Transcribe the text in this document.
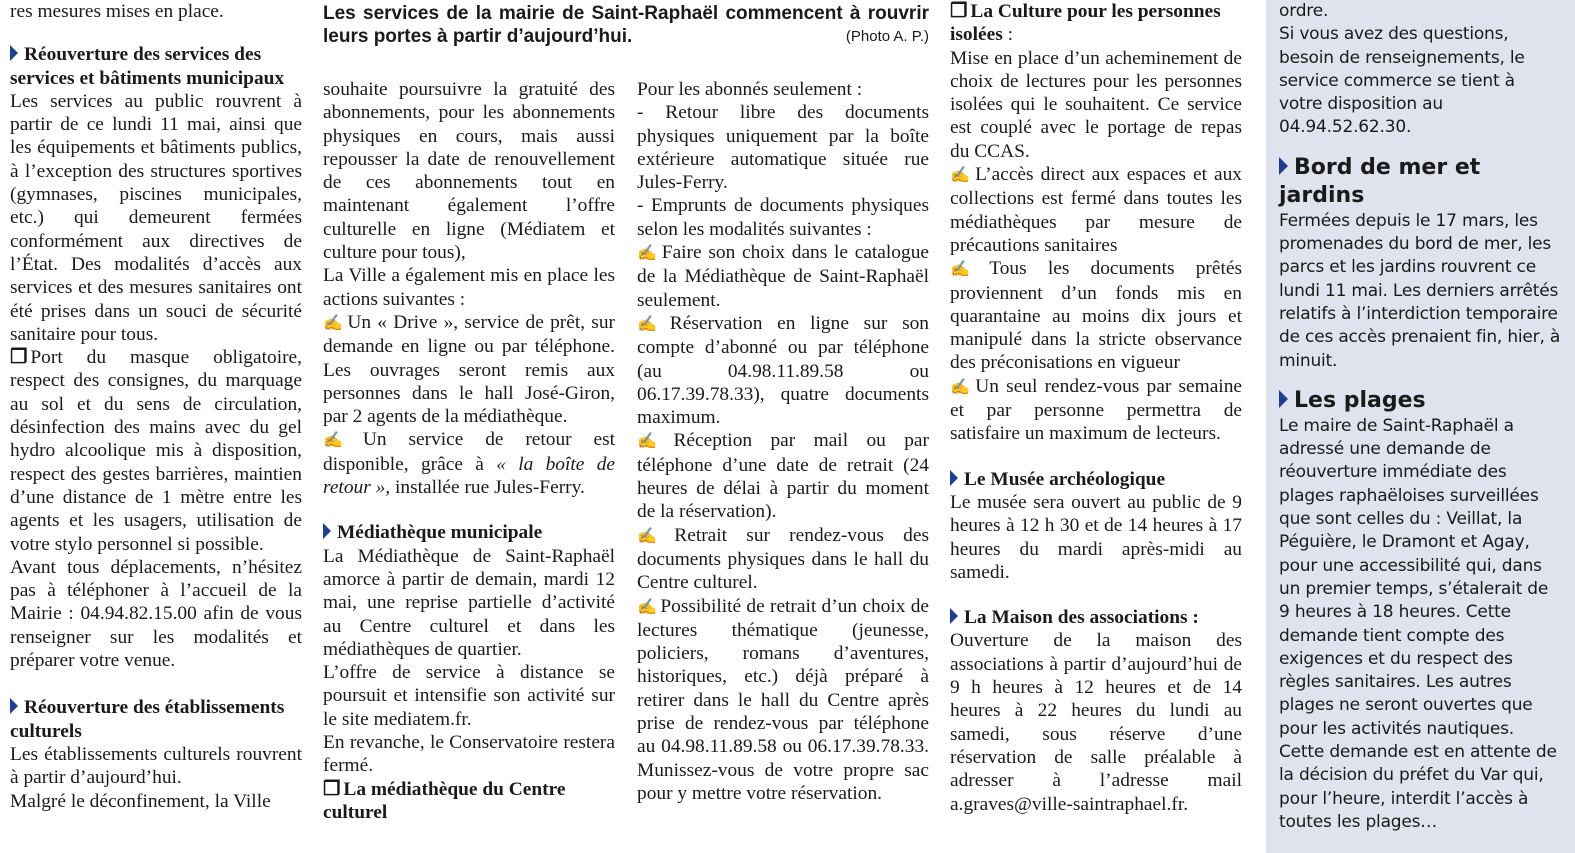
Les services de la mairie de Saint-Raphaël commencent à rouvrir leurs portes à partir d’aujourd’hui.	(Photo A. P.)

res mesures mises en place.

Réouverture des services des services et bâtiments municipaux

Les services au public rouvrent à partir de ce lundi 11 mai, ainsi que les équipements et bâtiments publics, à l’exception des structures sportives (gymnases, piscines municipales, etc.) qui demeurent fermées conformément aux directives de l’État. Des modalités d’accès aux services et des mesures sanitaires ont été prises dans un souci de sécurité sanitaire pour tous.

❐ Port du masque obligatoire, respect des consignes, du marquage au sol et du sens de circulation, désinfection des mains avec du gel hydro alcoolique mis à disposition, respect des gestes barrières, maintien d’une distance de 1 mètre entre les agents et les usagers, utilisation de votre stylo personnel si possible.

Avant tous déplacements, n’hésitez pas à téléphoner à l’accueil de la Mairie : 04.94.82.15.00 afin de vous renseigner sur les modalités et préparer votre venue.

Réouverture des établissements culturels

Les établissements culturels rouvrent à partir d’aujourd’hui.

Malgré le déconfinement, la Ville

souhaite poursuivre la gratuité des abonnements, pour les abonnements physiques en cours, mais aussi repousser la date de renouvellement de ces abonnements tout en maintenant également l’offre culturelle en ligne (Médiatem et culture pour tous),

La Ville a également mis en place les actions suivantes :

✍ Un « Drive », service de prêt, sur demande en ligne ou par téléphone. Les ouvrages seront remis aux personnes dans le hall José-Giron, par 2 agents de la médiathèque.

✍ Un service de retour est disponible, grâce à « la boîte de retour », installée rue Jules-Ferry.

Médiathèque municipale

La Médiathèque de Saint-Raphaël amorce à partir de demain, mardi 12 mai, une reprise partielle d’activité au Centre culturel et dans les médiathèques de quartier.

L’offre de service à distance se poursuit et intensifie son activité sur le site mediatem.fr.

En revanche, le Conservatoire restera fermé.

❐ La médiathèque du Centre culturel

Pour les abonnés seulement :

- Retour libre des documents physiques uniquement par la boîte extérieure automatique située rue Jules-Ferry.

- Emprunts de documents physiques selon les modalités suivantes :

✍ Faire son choix dans le catalogue de la Médiathèque de Saint-Raphaël seulement.

✍ Réservation en ligne sur son compte d’abonné ou par téléphone (au 04.98.11.89.58 ou 06.17.39.78.33), quatre documents maximum.

✍ Réception par mail ou par téléphone d’une date de retrait (24 heures de délai à partir du moment de la réservation).

✍ Retrait sur rendez-vous des documents physiques dans le hall du Centre culturel.

✍ Possibilité de retrait d’un choix de lectures thématique (jeunesse, policiers, romans d’aventures, historiques, etc.) déjà préparé à retirer dans le hall du Centre après prise de rendez-vous par téléphone au 04.98.11.89.58 ou 06.17.39.78.33. Munissez-vous de votre propre sac pour y mettre votre réservation.

❐ La Culture pour les personnes isolées :

Mise en place d’un acheminement de choix de lectures pour les personnes isolées qui le souhaitent. Ce service est couplé avec le portage de repas du CCAS.

✍ L’accès direct aux espaces et aux collections est fermé dans toutes les médiathèques par mesure de précautions sanitaires

✍ Tous les documents prêtés proviennent d’un fonds mis en quarantaine au moins dix jours et manipulé dans la stricte observance des préconisations en vigueur

✍ Un seul rendez-vous par semaine et par personne permettra de satisfaire un maximum de lecteurs.

Le Musée archéologique

Le musée sera ouvert au public de 9 heures à 12 h 30 et de 14 heures à 17 heures du mardi après-midi au samedi.

La Maison des associations :

Ouverture de la maison des associations à partir d’aujourd’hui de 9 h heures à 12 heures et de 14 heures à 22 heures du lundi au samedi, sous réserve d’une réservation de salle préalable à adresser à l’adresse mail a.graves@ville-saintraphael.fr.

ordre.

Si vous avez des questions, besoin de renseignements, le service commerce se tient à votre disposition au 04.94.52.62.30.

Bord de mer et jardins

Fermées depuis le 17 mars, les promenades du bord de mer, les parcs et les jardins rouvrent ce lundi 11 mai. Les derniers arrêtés relatifs à l’interdiction temporaire de ces accès prenaient fin, hier, à minuit.

Les plages

Le maire de Saint-Raphaël a adressé une demande de réouverture immédiate des plages raphaëloises surveillées que sont celles du : Veillat, la Péguière, le Dramont et Agay, pour une accessibilité qui, dans un premier temps, s’étalerait de 9 heures à 18 heures. Cette demande tient compte des exigences et du respect des règles sanitaires. Les autres plages ne seront ouvertes que pour les activités nautiques.

Cette demande est en attente de la décision du préfet du Var qui, pour l’heure, interdit l’accès à toutes les plages…
